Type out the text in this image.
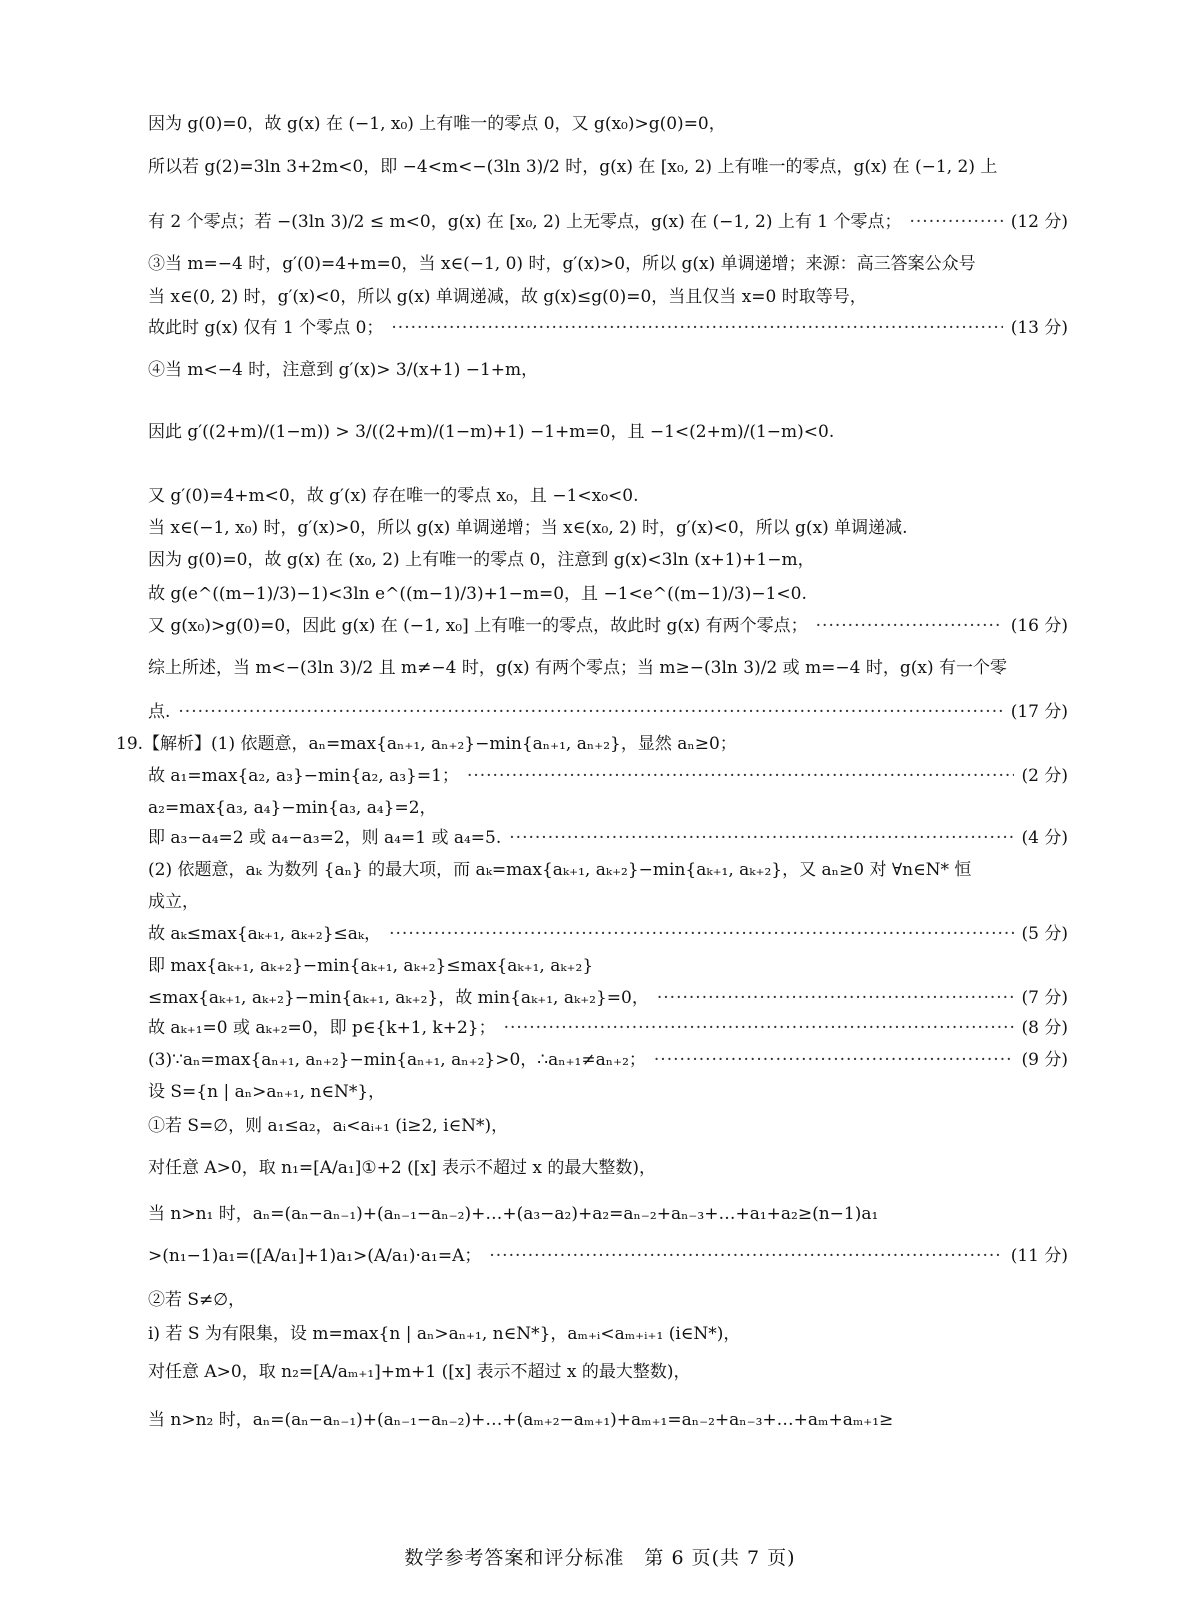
因为 g(0)=0，故 g(x) 在 (−1, x₀) 上有唯一的零点 0，又 g(x₀)>g(0)=0，
所以若 g(2)=3ln 3+2m<0，即 −4<m<−(3ln 3)/2 时，g(x) 在 [x₀, 2) 上有唯一的零点，g(x) 在 (−1, 2) 上
有 2 个零点；若 −(3ln 3)/2 ≤ m<0，g(x) 在 [x₀, 2) 上无零点，g(x) 在 (−1, 2) 上有 1 个零点； ·····	(12 分)
③当 m=−4 时，g′(0)=4+m=0，当 x∈(−1, 0) 时，g′(x)>0，所以 g(x) 单调递增；来源：高三答案公众号
当 x∈(0, 2) 时，g′(x)<0，所以 g(x) 单调递减，故 g(x)≤g(0)=0，当且仅当 x=0 时取等号，
故此时 g(x) 仅有 1 个零点 0； ·····	(13 分)
④当 m<−4 时，注意到 g′(x)> 3/(x+1) −1+m，
因此 g′((2+m)/(1−m)) > 3/((2+m)/(1−m)+1) −1+m=0，且 −1<(2+m)/(1−m)<0.
又 g′(0)=4+m<0，故 g′(x) 存在唯一的零点 x₀，且 −1<x₀<0.
当 x∈(−1, x₀) 时，g′(x)>0，所以 g(x) 单调递增；当 x∈(x₀, 2) 时，g′(x)<0，所以 g(x) 单调递减.
因为 g(0)=0，故 g(x) 在 (x₀, 2) 上有唯一的零点 0，注意到 g(x)<3ln (x+1)+1−m，
故 g(e^((m−1)/3)−1)<3ln e^((m−1)/3)+1−m=0，且 −1<e^((m−1)/3)−1<0.
又 g(x₀)>g(0)=0，因此 g(x) 在 (−1, x₀] 上有唯一的零点，故此时 g(x) 有两个零点； ·····	(16 分)
综上所述，当 m<−(3ln 3)/2 且 m≠−4 时，g(x) 有两个零点；当 m≥−(3ln 3)/2 或 m=−4 时，g(x) 有一个零
点. ·····	(17 分)
19.【解析】(1) 依题意，aₙ=max{aₙ₊₁, aₙ₊₂}−min{aₙ₊₁, aₙ₊₂}，显然 aₙ≥0；
故 a₁=max{a₂, a₃}−min{a₂, a₃}=1； ·····	(2 分)
a₂=max{a₃, a₄}−min{a₃, a₄}=2，
即 a₃−a₄=2 或 a₄−a₃=2，则 a₄=1 或 a₄=5. ·····	(4 分)
(2) 依题意，aₖ 为数列 {aₙ} 的最大项，而 aₖ=max{aₖ₊₁, aₖ₊₂}−min{aₖ₊₁, aₖ₊₂}，又 aₙ≥0 对 ∀n∈N* 恒
成立，
故 aₖ≤max{aₖ₊₁, aₖ₊₂}≤aₖ， ·····	(5 分)
即 max{aₖ₊₁, aₖ₊₂}−min{aₖ₊₁, aₖ₊₂}≤max{aₖ₊₁, aₖ₊₂}
≤max{aₖ₊₁, aₖ₊₂}−min{aₖ₊₁, aₖ₊₂}，故 min{aₖ₊₁, aₖ₊₂}=0， ·····	(7 分)
故 aₖ₊₁=0 或 aₖ₊₂=0，即 p∈{k+1, k+2}； ·····	(8 分)
(3)∵aₙ=max{aₙ₊₁, aₙ₊₂}−min{aₙ₊₁, aₙ₊₂}>0，∴aₙ₊₁≠aₙ₊₂； ·····	(9 分)
设 S={n | aₙ>aₙ₊₁, n∈N*}，
①若 S=∅，则 a₁≤a₂，aᵢ<aᵢ₊₁ (i≥2, i∈N*)，
对任意 A>0，取 n₁=[A/a₁]①+2 ([x] 表示不超过 x 的最大整数)，
当 n>n₁ 时，aₙ=(aₙ−aₙ₋₁)+(aₙ₋₁−aₙ₋₂)+…+(a₃−a₂)+a₂=aₙ₋₂+aₙ₋₃+…+a₁+a₂≥(n−1)a₁
>(n₁−1)a₁=([A/a₁]+1)a₁>(A/a₁)·a₁=A； ·····	(11 分)
②若 S≠∅，
ⅰ) 若 S 为有限集，设 m=max{n | aₙ>aₙ₊₁, n∈N*}，aₘ₊ᵢ<aₘ₊ᵢ₊₁ (i∈N*)，
对任意 A>0，取 n₂=[A/aₘ₊₁]+m+1 ([x] 表示不超过 x 的最大整数)，
当 n>n₂ 时，aₙ=(aₙ−aₙ₋₁)+(aₙ₋₁−aₙ₋₂)+…+(aₘ₊₂−aₘ₊₁)+aₘ₊₁=aₙ₋₂+aₙ₋₃+…+aₘ+aₘ₊₁≥
数学参考答案和评分标准　第 6 页(共 7 页)
